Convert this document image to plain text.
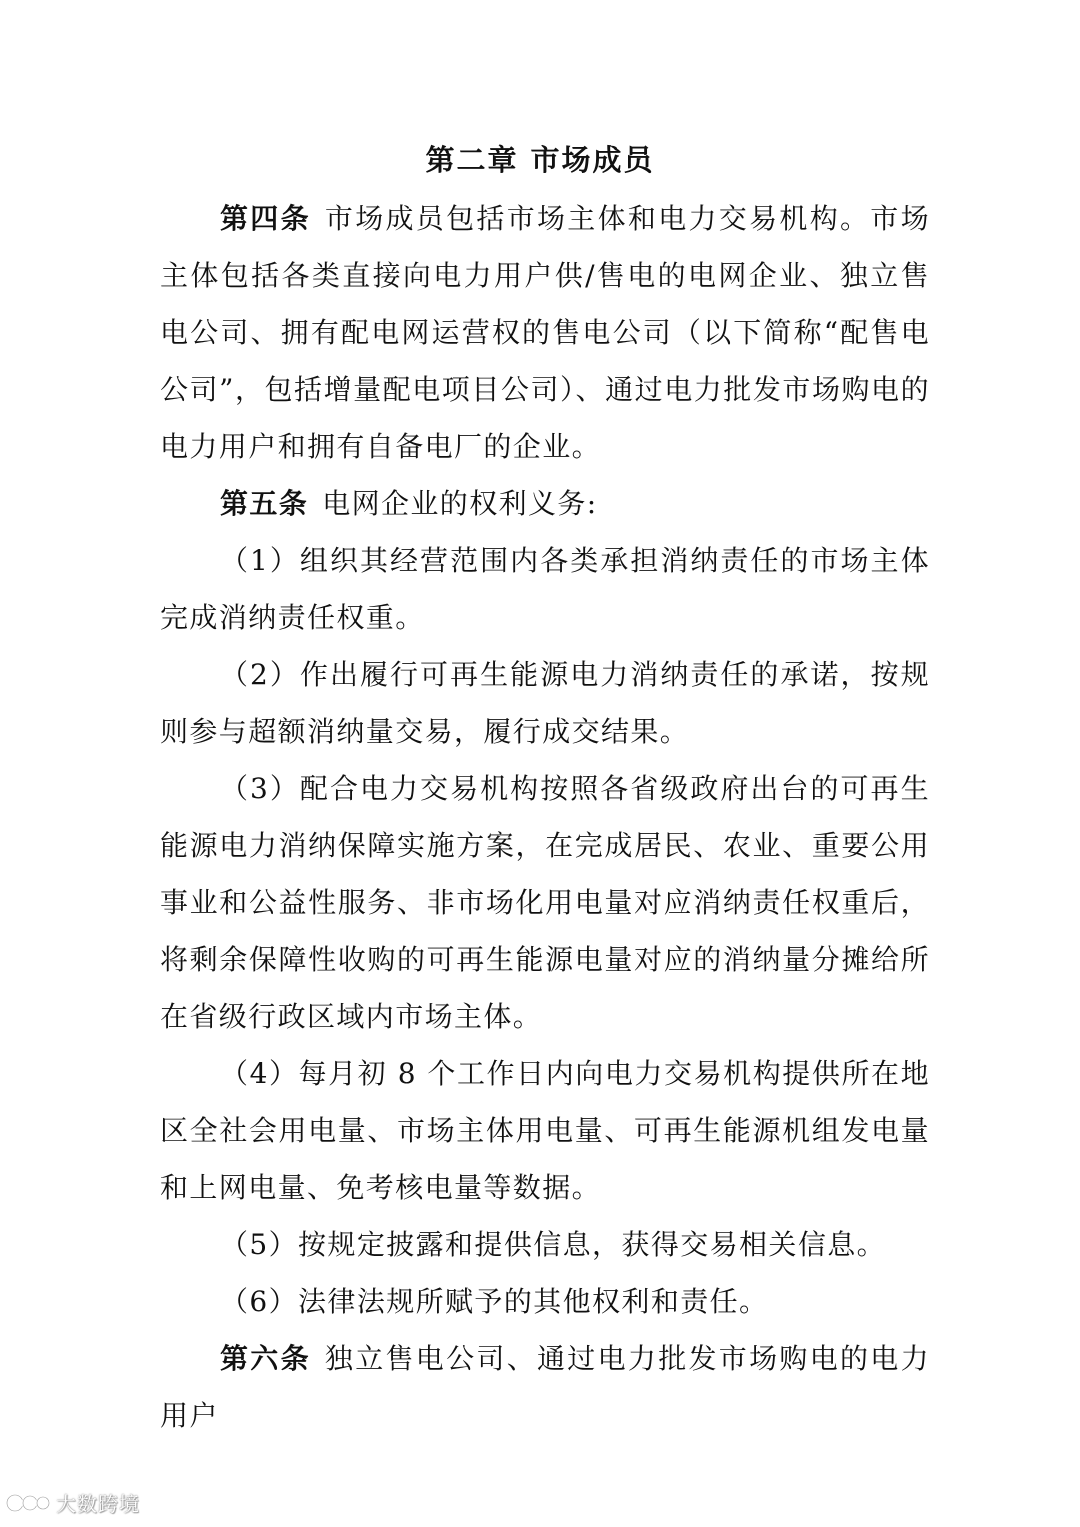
第二章 市场成员

第四条 市场成员包括市场主体和电力交易机构。市场主体包括各类直接向电力用户供/售电的电网企业、独立售电公司、拥有配电网运营权的售电公司（以下简称“配售电公司”，包括增量配电项目公司）、通过电力批发市场购电的电力用户和拥有自备电厂的企业。

第五条 电网企业的权利义务:

（1）组织其经营范围内各类承担消纳责任的市场主体完成消纳责任权重。

（2）作出履行可再生能源电力消纳责任的承诺，按规则参与超额消纳量交易，履行成交结果。

（3）配合电力交易机构按照各省级政府出台的可再生能源电力消纳保障实施方案，在完成居民、农业、重要公用事业和公益性服务、非市场化用电量对应消纳责任权重后，将剩余保障性收购的可再生能源电量对应的消纳量分摊给所在省级行政区域内市场主体。

（4）每月初 8 个工作日内向电力交易机构提供所在地区全社会用电量、市场主体用电量、可再生能源机组发电量和上网电量、免考核电量等数据。

（5）按规定披露和提供信息，获得交易相关信息。

（6）法律法规所赋予的其他权利和责任。

第六条 独立售电公司、通过电力批发市场购电的电力用户

大数跨境
